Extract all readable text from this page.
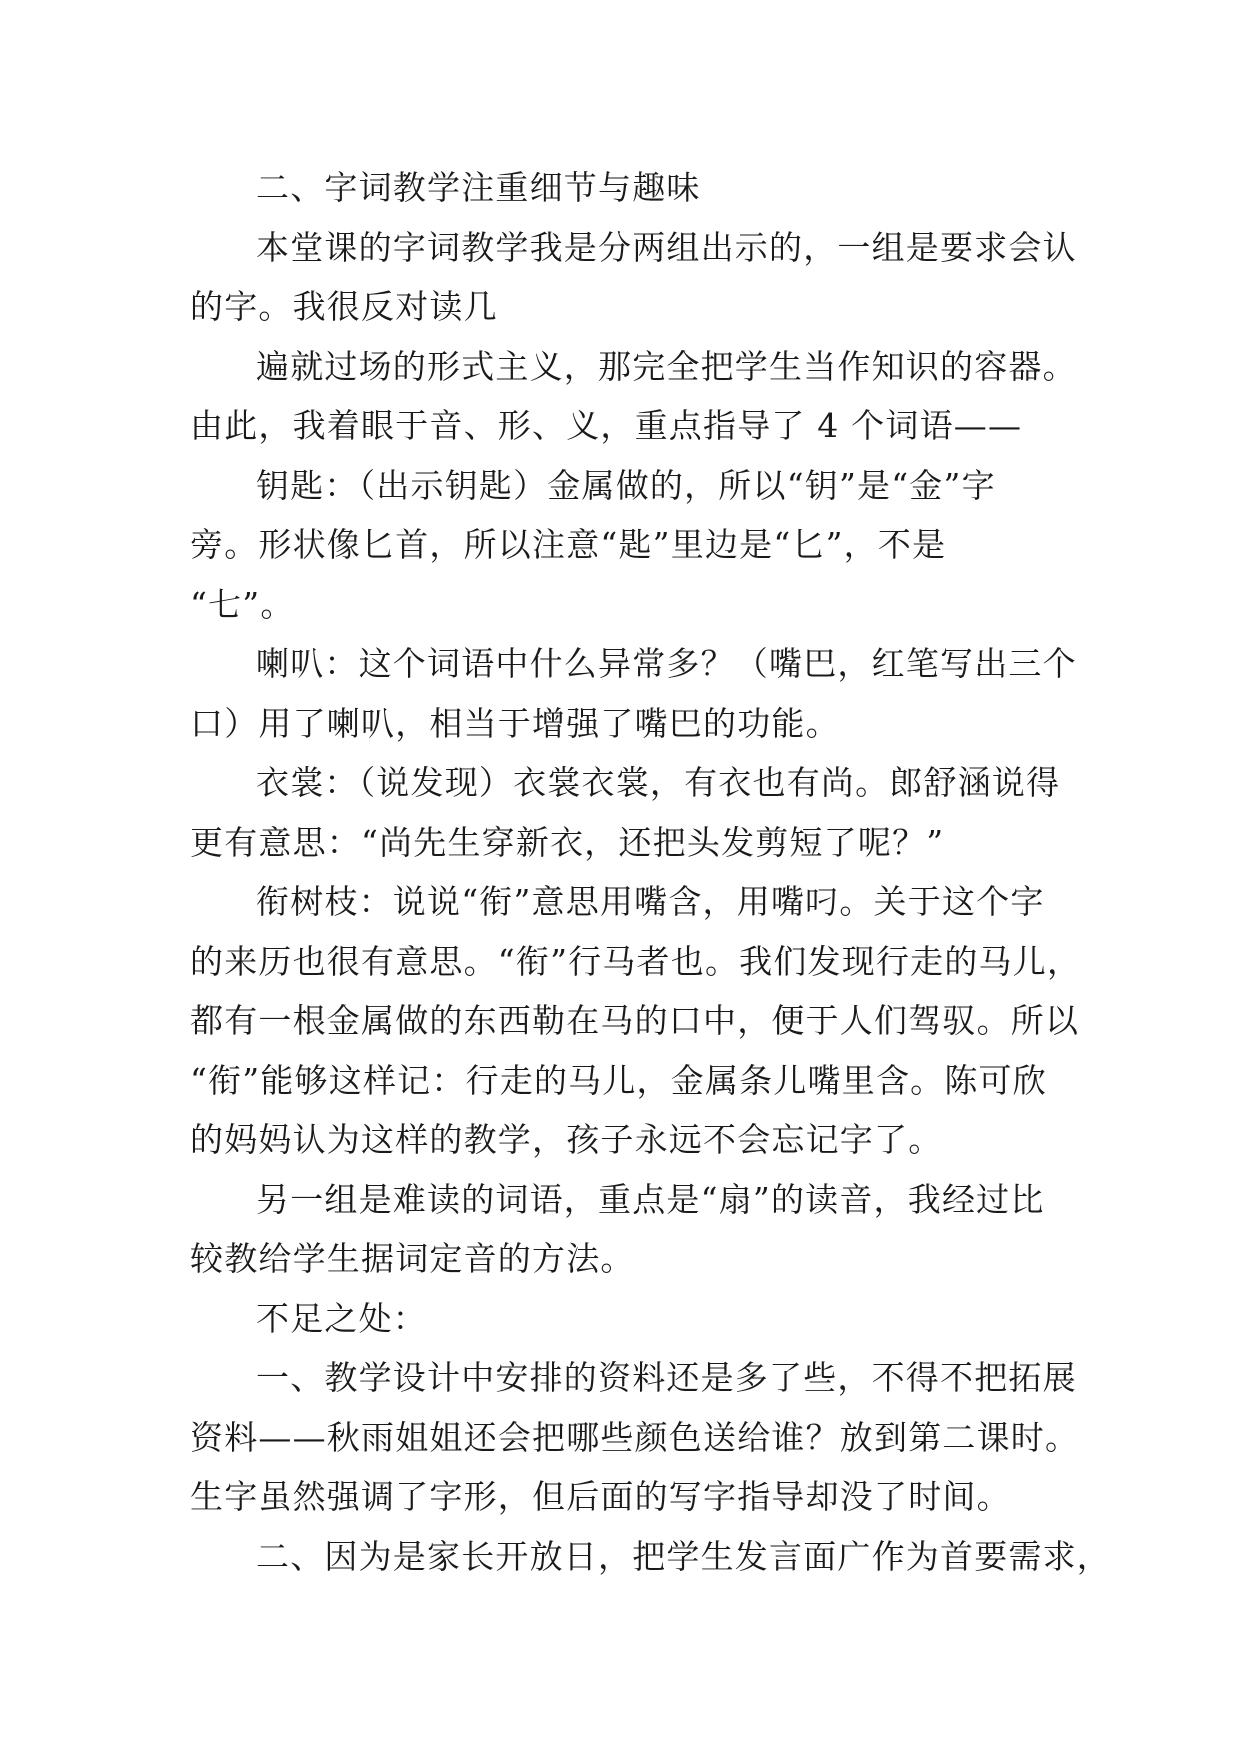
二、字词教学注重细节与趣味
本堂课的字词教学我是分两组出示的，一组是要求会认
的字。我很反对读几
遍就过场的形式主义，那完全把学生当作知识的容器。
由此，我着眼于音、形、义，重点指导了 4 个词语——
钥匙：（出示钥匙）金属做的，所以“钥”是“金”字
旁。形状像匕首，所以注意“匙”里边是“匕”，不是
“七”。
喇叭：这个词语中什么异常多？（嘴巴，红笔写出三个
口）用了喇叭，相当于增强了嘴巴的功能。
衣裳：（说发现）衣裳衣裳，有衣也有尚。郎舒涵说得
更有意思：“尚先生穿新衣，还把头发剪短了呢？”
衔树枝：说说“衔”意思用嘴含，用嘴叼。关于这个字
的来历也很有意思。“衔”行马者也。我们发现行走的马儿，
都有一根金属做的东西勒在马的口中，便于人们驾驭。所以
“衔”能够这样记：行走的马儿，金属条儿嘴里含。陈可欣
的妈妈认为这样的教学，孩子永远不会忘记字了。
另一组是难读的词语，重点是“扇”的读音，我经过比
较教给学生据词定音的方法。
不足之处：
一、教学设计中安排的资料还是多了些，不得不把拓展
资料——秋雨姐姐还会把哪些颜色送给谁？放到第二课时。
生字虽然强调了字形，但后面的写字指导却没了时间。
二、因为是家长开放日，把学生发言面广作为首要需求，
